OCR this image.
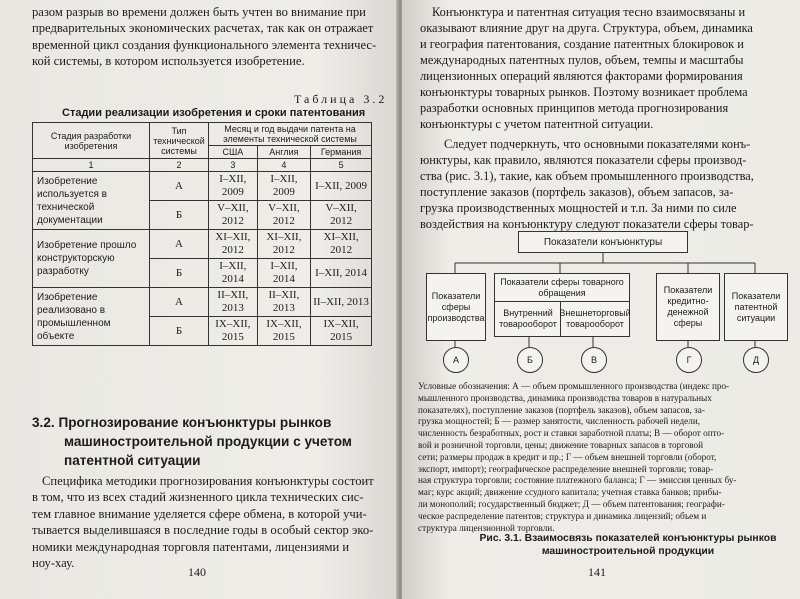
разом разрыв во времени должен быть учтен во внимание при
предварительных экономических расчетах, так как он отражает
временной цикл создания функционального элемента техничес-
кой системы, в котором используется изобретение.
Таблица 3.2
Стадии реализации изобретения и сроки патентования
Стадия разработки изобретения	Тип технической системы	Месяц и год выдачи патента на элементы технической системы		
		США	Англия	Германия
1	2	3	4	5
Изобретение используется в технической документации	А	I–XII, 2009	I–XII, 2009	I–XII, 2009
	Б	V–XII, 2012	V–XII, 2012	V–XII, 2012
Изобретение прошло конструкторскую разработку	А	XI–XII, 2012	XI–XII, 2012	XI–XII, 2012
	Б	I–XII, 2014	I–XII, 2014	I–XII, 2014
Изобретение реализовано в промышленном объекте	А	II–XII, 2013	II–XII, 2013	II–XII, 2013
	Б	IX–XII, 2015	IX–XII, 2015	IX–XII, 2015
3.2. Прогнозирование конъюнктуры рынков
машиностроительной продукции с учетом
патентной ситуации
Специфика методики прогнозирования конъюнктуры состоит
в том, что из всех стадий жизненного цикла технических сис-
тем главное внимание уделяется сфере обмена, в которой учи-
тывается выделившаяся в последние годы в особый сектор эко-
номики международная торговля патентами, лицензиями и
ноу-хау.
140
Конъюнктура и патентная ситуация тесно взаимосвязаны и
оказывают влияние друг на друга. Структура, объем, динамика
и география патентования, создание патентных блокировок и
международных патентных пулов, объем, темпы и масштабы
лицензионных операций являются факторами формирования
конъюнктуры товарных рынков. Поэтому возникает проблема
разработки основных принципов метода прогнозирования
конъюнктуры с учетом патентной ситуации.
Следует подчеркнуть, что основными показателями конъ-
юнктуры, как правило, являются показатели сферы производ-
ства (рис. 3.1), такие, как объем промышленного производства,
поступление заказов (портфель заказов), объем запасов, за-
грузка производственных мощностей и т.п. За ними по силе
воздействия на конъюнктуру следуют показатели сферы товар-
Показатели конъюнктуры
Показатели сферы производства
Показатели сферы товарного обращения
Внутренний товарооборот
Внешнеторговый товарооборот
Показатели кредитно-денежной сферы
Показатели патентной ситуации
А	Б	В	Г	Д
Условные обозначения: А — объем промышленного производства (индекс про-
мышленного производства, динамика производства товаров в натуральных
показателях), поступление заказов (портфель заказов), объем запасов, за-
грузка мощностей; Б — размер занятости, численность рабочей недели,
численность безработных, рост и ставки заработной платы; В — оборот опто-
вой и розничной торговли, цены; движение товарных запасов в торговой
сети; размеры продаж в кредит и пр.; Г — объем внешней торговли (оборот,
экспорт, импорт); географическое распределение внешней торговли; товар-
ная структура торговли; состояние платежного баланса; Г — эмиссия ценных бу-
маг; курс акций; движение ссудного капитала; учетная ставка банков; прибы-
ли монополий; государственный бюджет; Д — объем патентования; географи-
ческое распределение патентов; структура и динамика лицензий; объем и
структура лицензионной торговли.
Рис. 3.1. Взаимосвязь показателей конъюнктуры рынков
машиностроительной продукции
141
